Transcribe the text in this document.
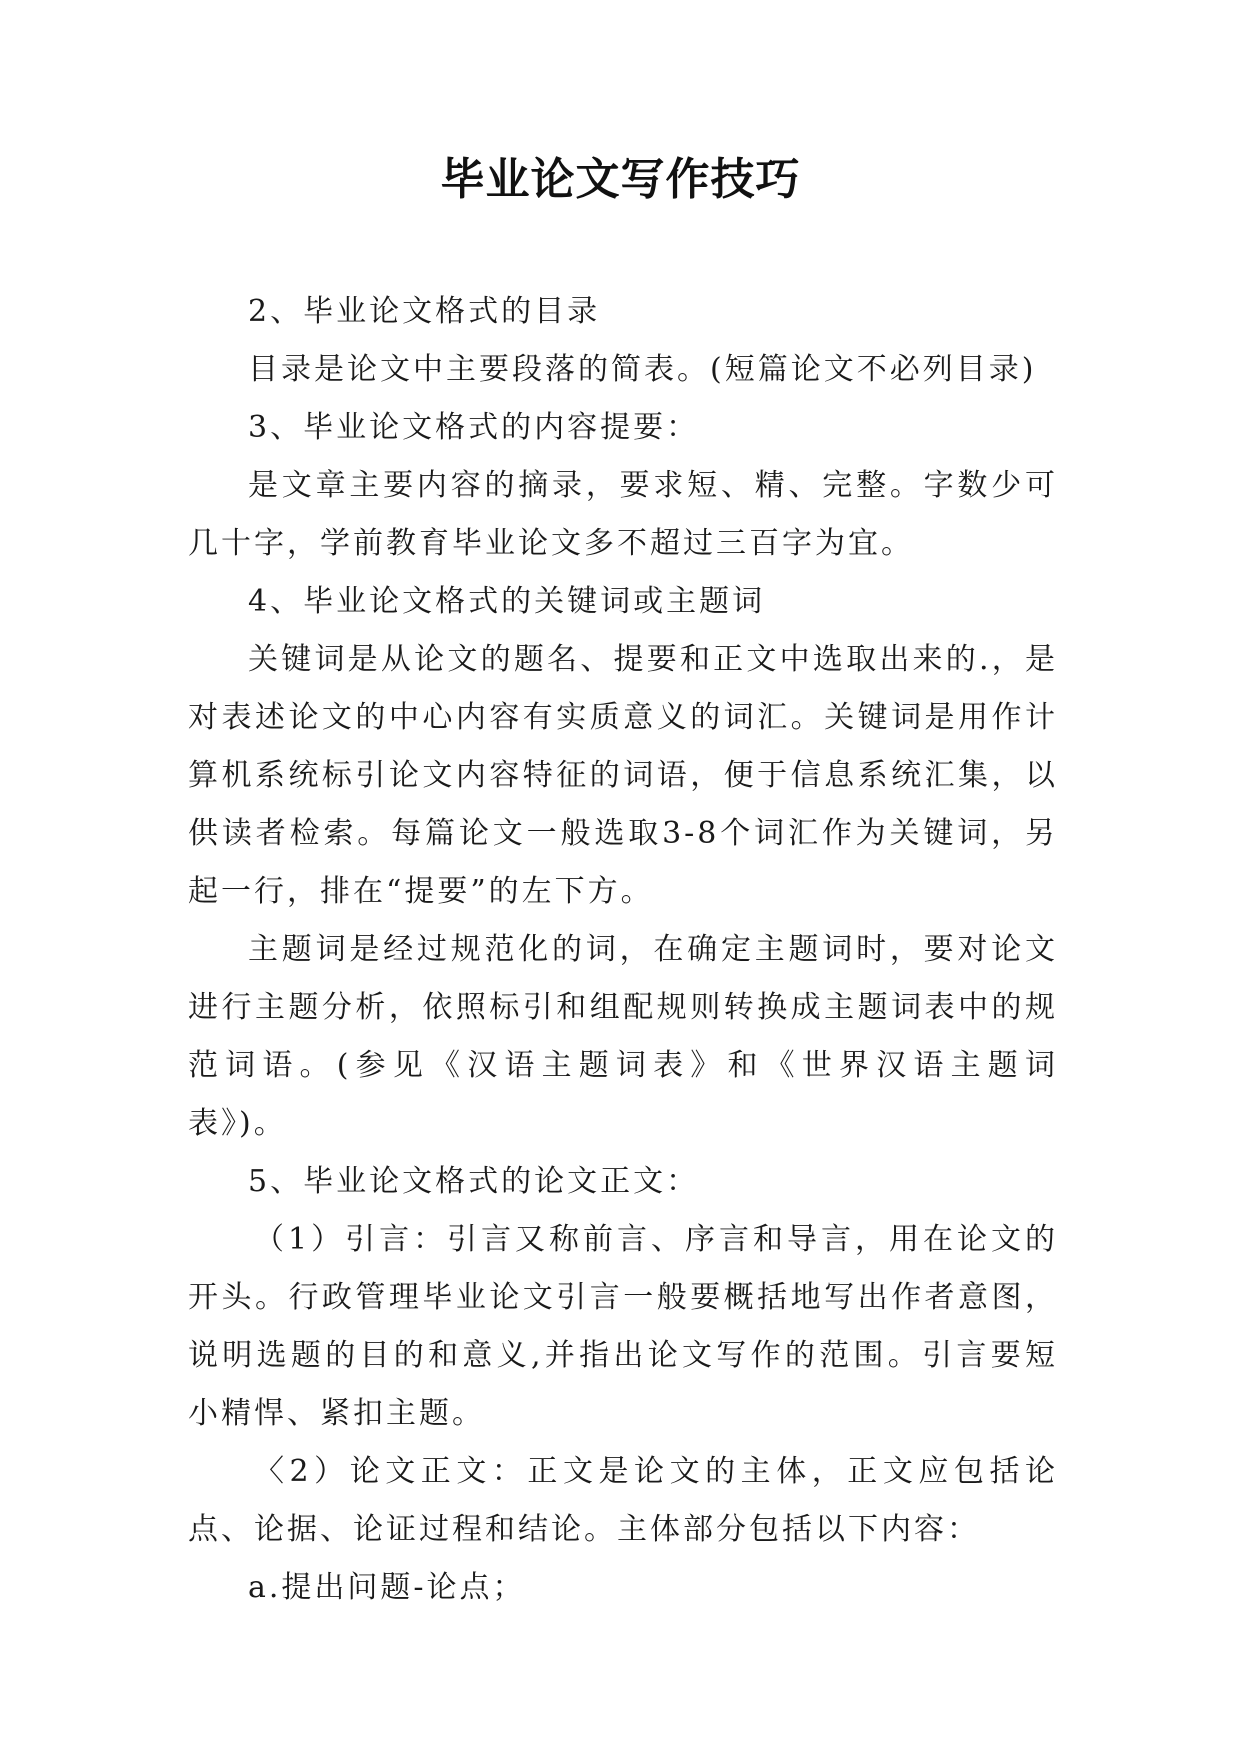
毕业论文写作技巧

2、毕业论文格式的目录

目录是论文中主要段落的简表。(短篇论文不必列目录)

3、毕业论文格式的内容提要：

是文章主要内容的摘录，要求短、精、完整。字数少可几十字，学前教育毕业论文多不超过三百字为宜。

4、毕业论文格式的关键词或主题词

关键词是从论文的题名、提要和正文中选取出来的.，是对表述论文的中心内容有实质意义的词汇。关键词是用作计算机系统标引论文内容特征的词语，便于信息系统汇集，以供读者检索。每篇论文一般选取3-8个词汇作为关键词，另起一行，排在“提要”的左下方。

主题词是经过规范化的词，在确定主题词时，要对论文进行主题分析，依照标引和组配规则转换成主题词表中的规范词语。(参见《汉语主题词表》和《世界汉语主题词表》)。

5、毕业论文格式的论文正文：

（1）引言：引言又称前言、序言和导言，用在论文的开头。行政管理毕业论文引言一般要概括地写出作者意图，说明选题的目的和意义,并指出论文写作的范围。引言要短小精悍、紧扣主题。

〈2）论文正文：正文是论文的主体，正文应包括论点、论据、论证过程和结论。主体部分包括以下内容：

a.提出问题-论点；
